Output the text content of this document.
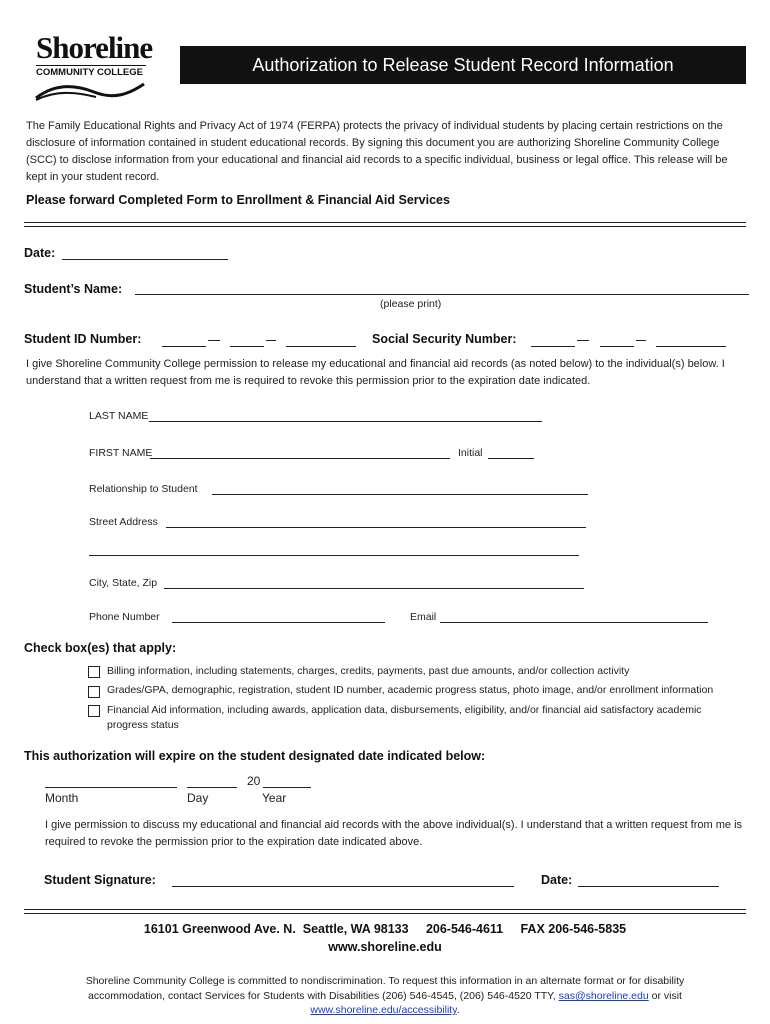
Shoreline
COMMUNITY COLLEGE	Authorization to Release Student Record Information
The Family Educational Rights and Privacy Act of 1974 (FERPA) protects the privacy of individual students by placing certain restrictions on the disclosure of information contained in student educational records. By signing this document you are authorizing Shoreline Community College (SCC) to disclose information from your educational and financial aid records to a specific individual, business or legal office. This release will be kept in your student record.
Please forward Completed Form to Enrollment & Financial Aid Services
Date:
Student’s Name:
(please print)
Student ID Number:	Social Security Number:
I give Shoreline Community College permission to release my educational and financial aid records (as noted below) to the individual(s) below. I understand that a written request from me is required to revoke this permission prior to the expiration date indicated.
LAST NAME
FIRST NAME	Initial
Relationship to Student
Street Address
City, State, Zip
Phone Number	Email
Check box(es) that apply:
Billing information, including statements, charges, credits, payments, past due amounts, and/or collection activity
Grades/GPA, demographic, registration, student ID number, academic progress status, photo image, and/or enrollment information
Financial Aid information, including awards, application data, disbursements, eligibility, and/or financial aid satisfactory academic
progress status
This authorization will expire on the student designated date indicated below:
20
Month	Day	Year
I give permission to discuss my educational and financial aid records with the above individual(s). I understand that a written request from me is required to revoke the permission prior to the expiration date indicated above.
Student Signature:	Date:
16101 Greenwood Ave. N.  Seattle, WA 98133     206-546-4611     FAX 206-546-5835
www.shoreline.edu
Shoreline Community College is committed to nondiscrimination. To request this information in an alternate format or for disability
accommodation, contact Services for Students with Disabilities (206) 546-4545, (206) 546-4520 TTY, sas@shoreline.edu or visit
www.shoreline.edu/accessibility.
